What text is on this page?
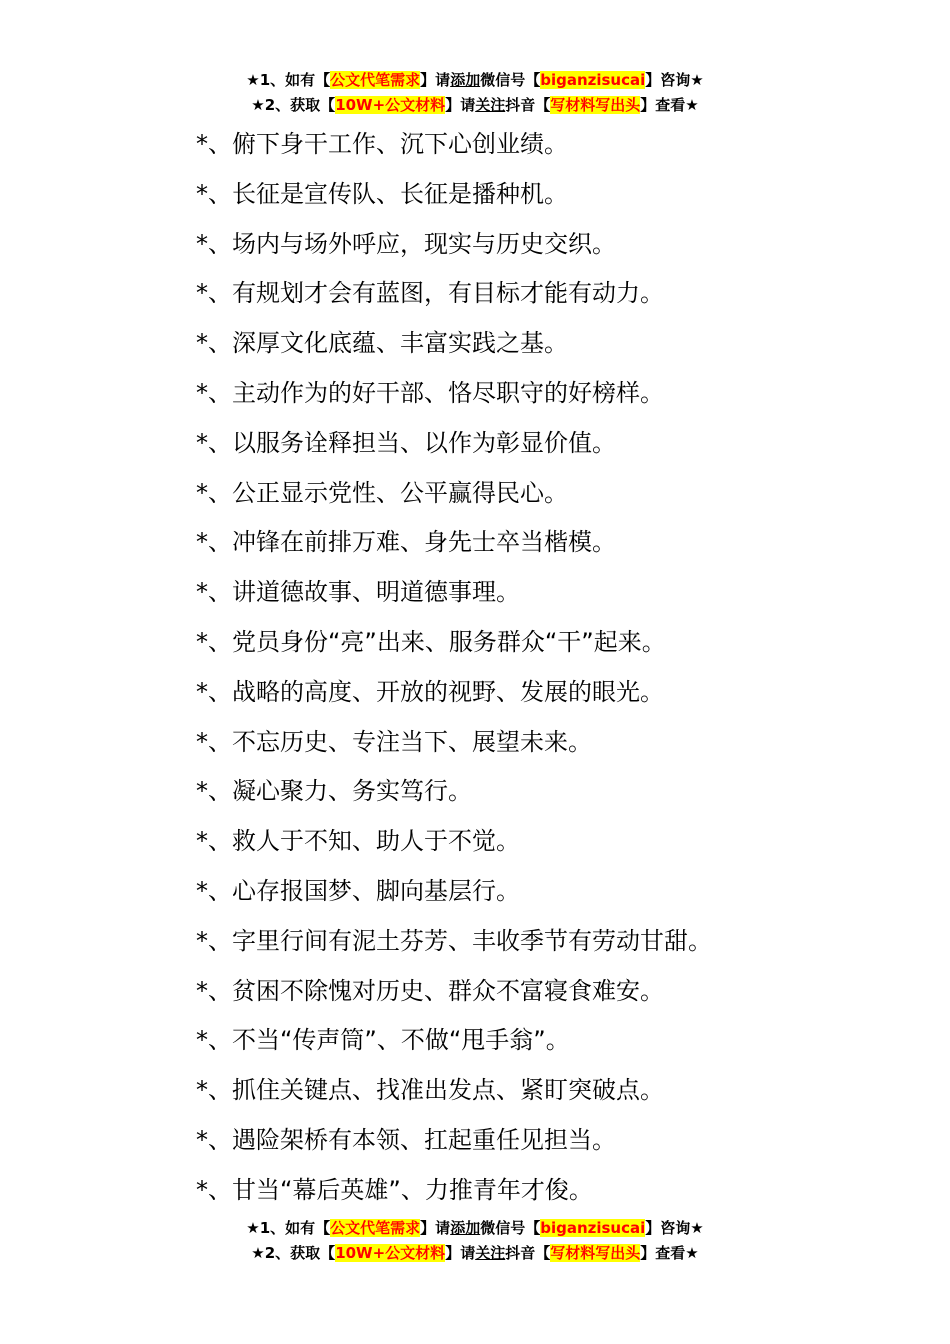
★1、如有【公文代笔需求】请添加微信号【biganzisucai】咨询★
★2、获取【10W+公文材料】请关注抖音【写材料写出头】查看★
*、俯下身干工作、沉下心创业绩。
*、长征是宣传队、长征是播种机。
*、场内与场外呼应，现实与历史交织。
*、有规划才会有蓝图，有目标才能有动力。
*、深厚文化底蕴、丰富实践之基。
*、主动作为的好干部、恪尽职守的好榜样。
*、以服务诠释担当、以作为彰显价值。
*、公正显示党性、公平赢得民心。
*、冲锋在前排万难、身先士卒当楷模。
*、讲道德故事、明道德事理。
*、党员身份“亮”出来、服务群众“干”起来。
*、战略的高度、开放的视野、发展的眼光。
*、不忘历史、专注当下、展望未来。
*、凝心聚力、务实笃行。
*、救人于不知、助人于不觉。
*、心存报国梦、脚向基层行。
*、字里行间有泥土芬芳、丰收季节有劳动甘甜。
*、贫困不除愧对历史、群众不富寝食难安。
*、不当“传声筒”、不做“甩手翁”。
*、抓住关键点、找准出发点、紧盯突破点。
*、遇险架桥有本领、扛起重任见担当。
*、甘当“幕后英雄”、力推青年才俊。
★1、如有【公文代笔需求】请添加微信号【biganzisucai】咨询★
★2、获取【10W+公文材料】请关注抖音【写材料写出头】查看★
